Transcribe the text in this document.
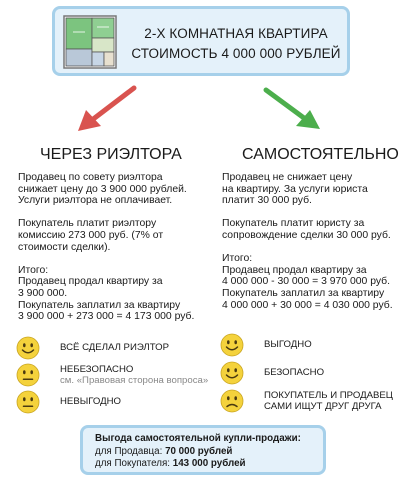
2-Х КОМНАТНАЯ КВАРТИРА
СТОИМОСТЬ 4 000 000 РУБЛЕЙ
ЧЕРЕЗ РИЭЛТОРА	САМОСТОЯТЕЛЬНО
Продавец по совету риэлтора
снижает цену до 3 900 000 рублей.
Услуги риэлтора не оплачивает.
Покупатель платит риэлтору
комиссию 273 000 руб. (7% от
стоимости сделки).
Итого:
Продавец продал квартиру за
3 900 000.
Покупатель заплатил за квартиру
3 900 000 + 273 000 = 4 173 000 руб.
Продавец не снижает цену
на квартиру. За услуги юриста
платит 30 000 руб.
Покупатель платит юристу за
сопровождение сделки 30 000 руб.
Итого:
Продавец продал квартиру за
4 000 000 - 30 000 = 3 970 000 руб.
Покупатель заплатил за квартиру
4 000 000 + 30 000 = 4 030 000 руб.
ВСЁ СДЕЛАЛ РИЭЛТОР
НЕБЕЗОПАСНО
см. «Правовая сторона вопроса»
НЕВЫГОДНО
ВЫГОДНО
БЕЗОПАСНО
ПОКУПАТЕЛЬ И ПРОДАВЕЦ
САМИ ИЩУТ ДРУГ ДРУГА
Выгода самостоятельной купли-продажи:
для Продавца: 70 000 рублей
для Покупателя: 143 000 рублей
